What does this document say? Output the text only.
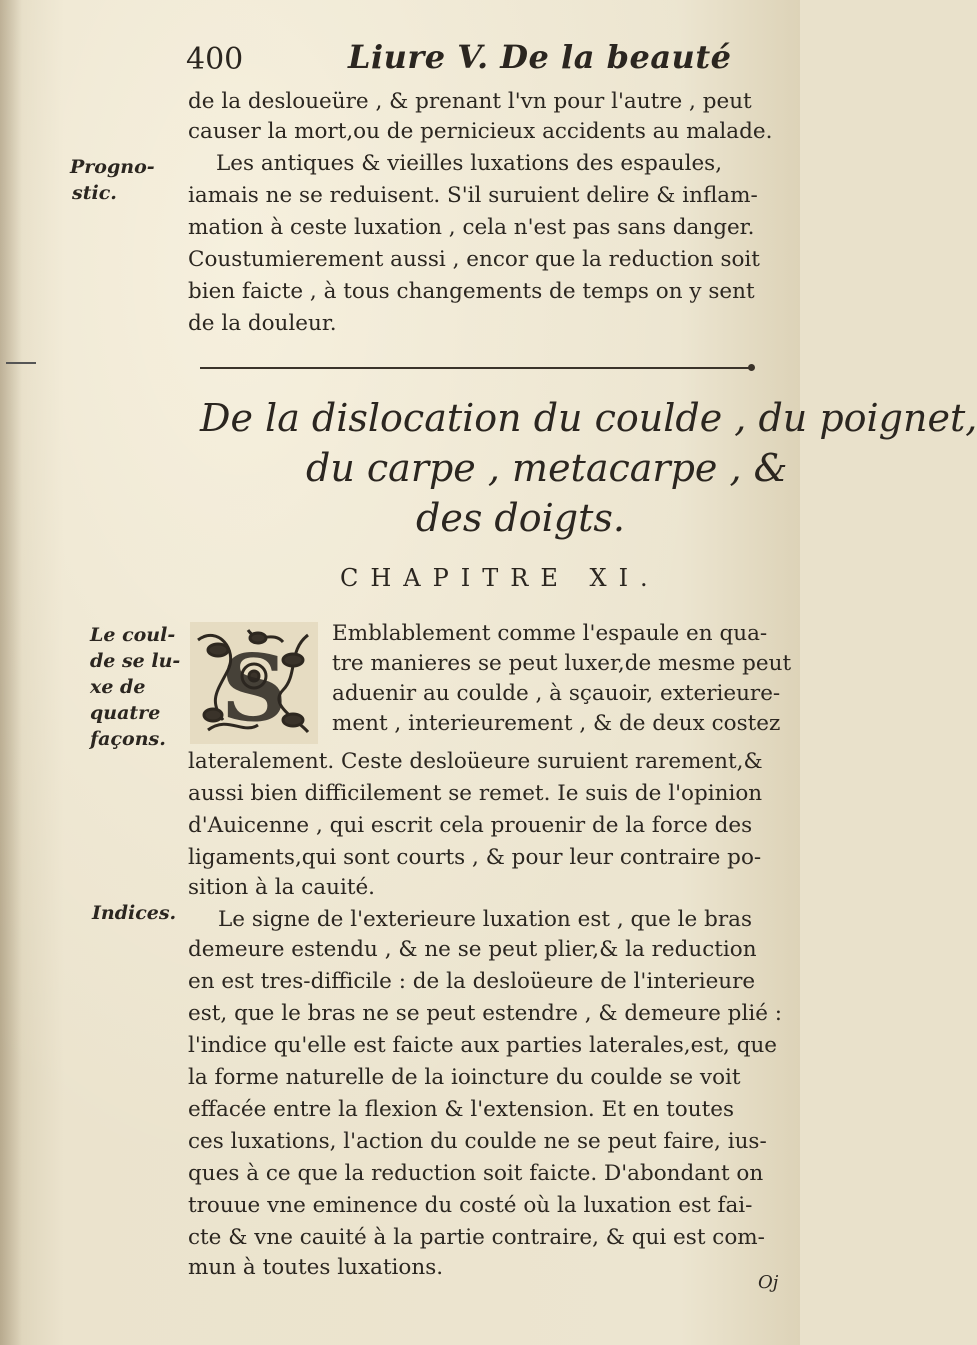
400	Liure V. De la beauté
de la desloueüre , & prenant l'vn pour l'autre , peut
causer la mort,ou de pernicieux accidents au malade.
Les antiques & vieilles luxations des espaules,
iamais ne se reduisent. S'il suruient delire & inflam-
mation à ceste luxation , cela n'est pas sans danger.
Coustumierement aussi , encor que la reduction soit
bien faicte , à tous changements de temps on y sent
de la douleur.
Progno-
stic.
De la dislocation du coulde , du poignet,
du carpe , metacarpe , &
des doigts.
CHAPITRE XI.
S
Emblablement comme l'espaule en qua-
tre manieres se peut luxer,de mesme peut
aduenir au coulde , à sçauoir, exterieure-
ment , interieurement , & de deux costez
lateralement. Ceste desloüeure suruient rarement,&
aussi bien difficilement se remet. Ie suis de l'opinion
d'Auicenne , qui escrit cela prouenir de la force des
ligaments,qui sont courts , & pour leur contraire po-
sition à la cauité.
Le signe de l'exterieure luxation est , que le bras
demeure estendu , & ne se peut plier,& la reduction
en est tres-difficile : de la desloüeure de l'interieure
est, que le bras ne se peut estendre , & demeure plié :
l'indice qu'elle est faicte aux parties laterales,est, que
la forme naturelle de la ioincture du coulde se voit
effacée entre la flexion & l'extension. Et en toutes
ces luxations, l'action du coulde ne se peut faire, ius-
ques à ce que la reduction soit faicte. D'abondant on
trouue vne eminence du costé où la luxation est fai-
cte & vne cauité à la partie contraire, & qui est com-
mun à toutes luxations.
Le coul-
de se lu-
xe de
quatre
façons.
Indices.
Oj
